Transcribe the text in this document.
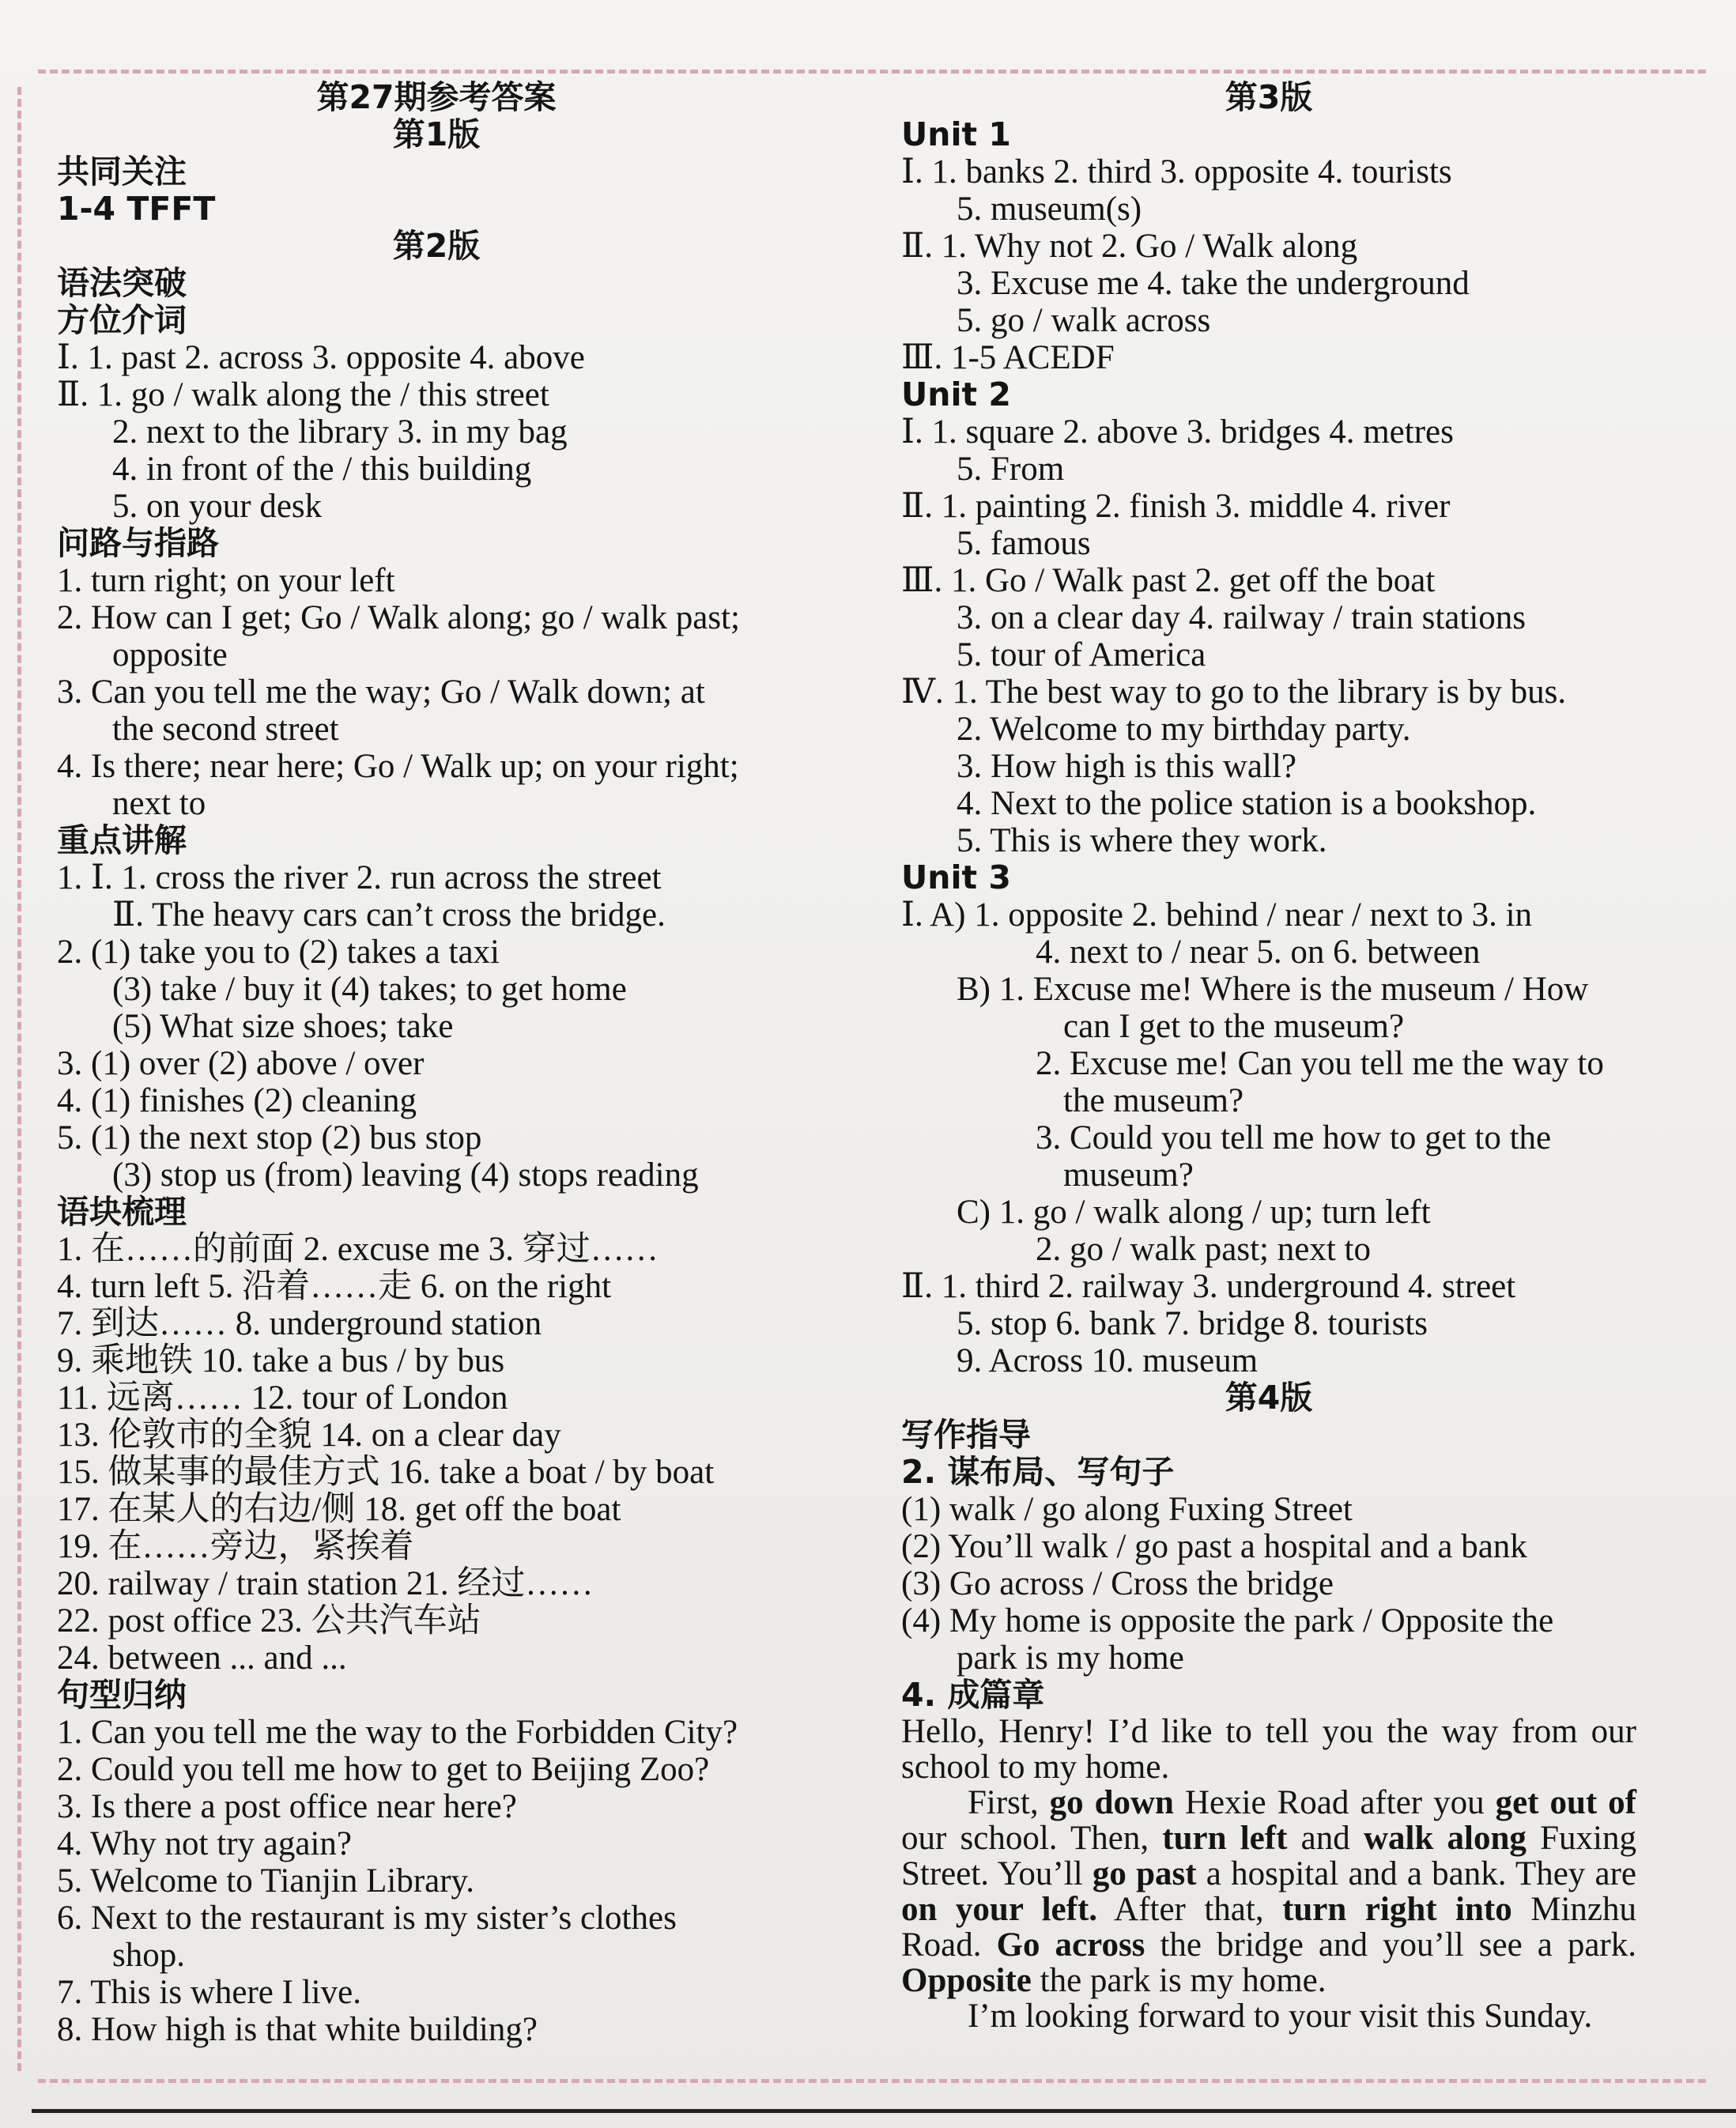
第27期参考答案
第1版
共同关注
1-4 TFFT
第2版
语法突破
方位介词
Ⅰ. 1. past 2. across 3. opposite 4. above
Ⅱ. 1. go / walk along the / this street
2. next to the library 3. in my bag
4. in front of the / this building
5. on your desk
问路与指路
1. turn right; on your left
2. How can I get; Go / Walk along; go / walk past;
opposite
3. Can you tell me the way; Go / Walk down; at
the second street
4. Is there; near here; Go / Walk up; on your right;
next to
重点讲解
1. Ⅰ. 1. cross the river 2. run across the street
Ⅱ. The heavy cars can’t cross the bridge.
2. (1) take you to (2) takes a taxi
(3) take / buy it (4) takes; to get home
(5) What size shoes; take
3. (1) over (2) above / over
4. (1) finishes (2) cleaning
5. (1) the next stop (2) bus stop
(3) stop us (from) leaving (4) stops reading
语块梳理
1. 在……的前面 2. excuse me 3. 穿过……
4. turn left 5. 沿着……走 6. on the right
7. 到达…… 8. underground station
9. 乘地铁 10. take a bus / by bus
11. 远离…… 12. tour of London
13. 伦敦市的全貌 14. on a clear day
15. 做某事的最佳方式 16. take a boat / by boat
17. 在某人的右边/侧 18. get off the boat
19. 在……旁边，紧挨着
20. railway / train station 21. 经过……
22. post office 23. 公共汽车站
24. between ... and ...
句型归纳
1. Can you tell me the way to the Forbidden City?
2. Could you tell me how to get to Beijing Zoo?
3. Is there a post office near here?
4. Why not try again?
5. Welcome to Tianjin Library.
6. Next to the restaurant is my sister’s clothes
shop.
7. This is where I live.
8. How high is that white building?
第3版
Unit 1
Ⅰ. 1. banks 2. third 3. opposite 4. tourists
5. museum(s)
Ⅱ. 1. Why not 2. Go / Walk along
3. Excuse me 4. take the underground
5. go / walk across
Ⅲ. 1-5 ACEDF
Unit 2
Ⅰ. 1. square 2. above 3. bridges 4. metres
5. From
Ⅱ. 1. painting 2. finish 3. middle 4. river
5. famous
Ⅲ. 1. Go / Walk past 2. get off the boat
3. on a clear day 4. railway / train stations
5. tour of America
Ⅳ. 1. The best way to go to the library is by bus.
2. Welcome to my birthday party.
3. How high is this wall?
4. Next to the police station is a bookshop.
5. This is where they work.
Unit 3
Ⅰ. A) 1. opposite 2. behind / near / next to 3. in
4. next to / near 5. on 6. between
B) 1. Excuse me! Where is the museum / How
can I get to the museum?
2. Excuse me! Can you tell me the way to
the museum?
3. Could you tell me how to get to the
museum?
C) 1. go / walk along / up; turn left
2. go / walk past; next to
Ⅱ. 1. third 2. railway 3. underground 4. street
5. stop 6. bank 7. bridge 8. tourists
9. Across 10. museum
第4版
写作指导
2. 谋布局、写句子
(1) walk / go along Fuxing Street
(2) You’ll walk / go past a hospital and a bank
(3) Go across / Cross the bridge
(4) My home is opposite the park / Opposite the
park is my home
4. 成篇章

Hello, Henry! I’d like to tell you the way from our school to my home.

First, go down Hexie Road after you get out of our school. Then, turn left and walk along Fuxing Street. You’ll go past a hospital and a bank. They are on your left. After that, turn right into Minzhu Road. Go across the bridge and you’ll see a park. Opposite the park is my home.

I’m looking forward to your visit this Sunday.
